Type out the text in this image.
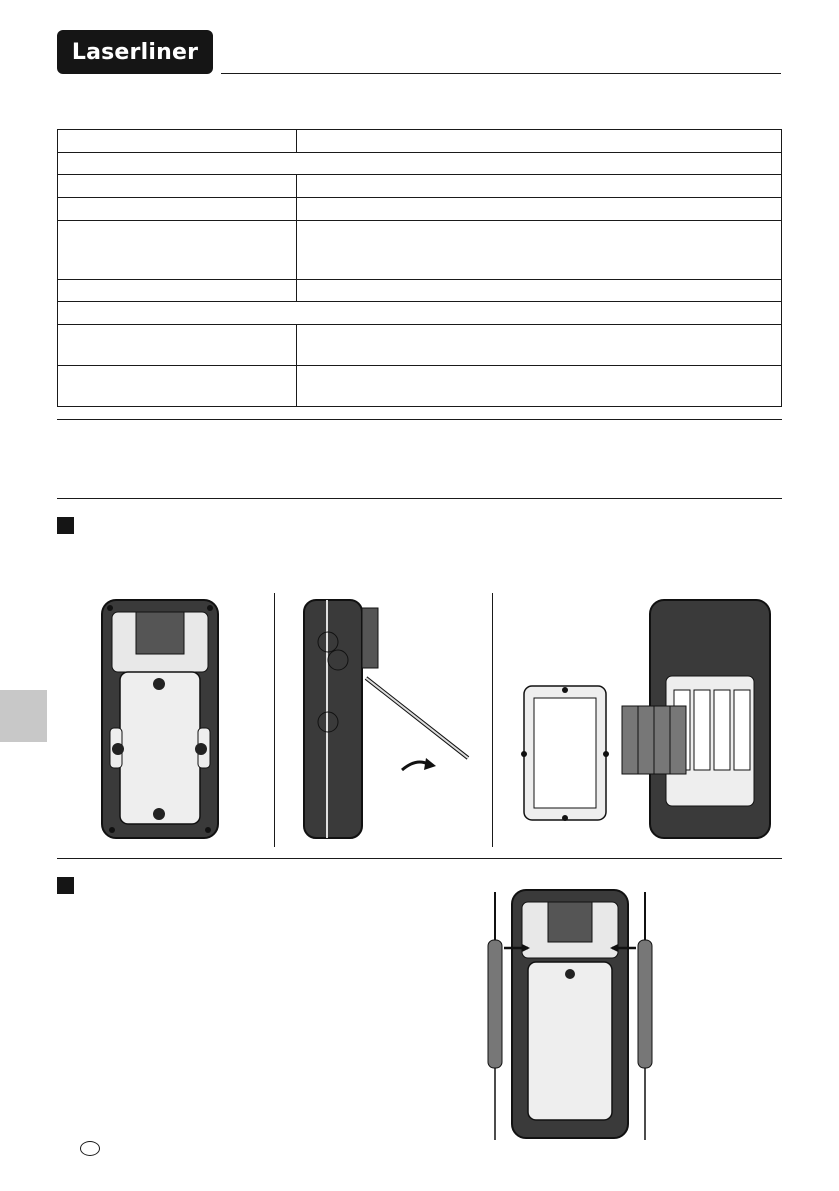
Laserliner
